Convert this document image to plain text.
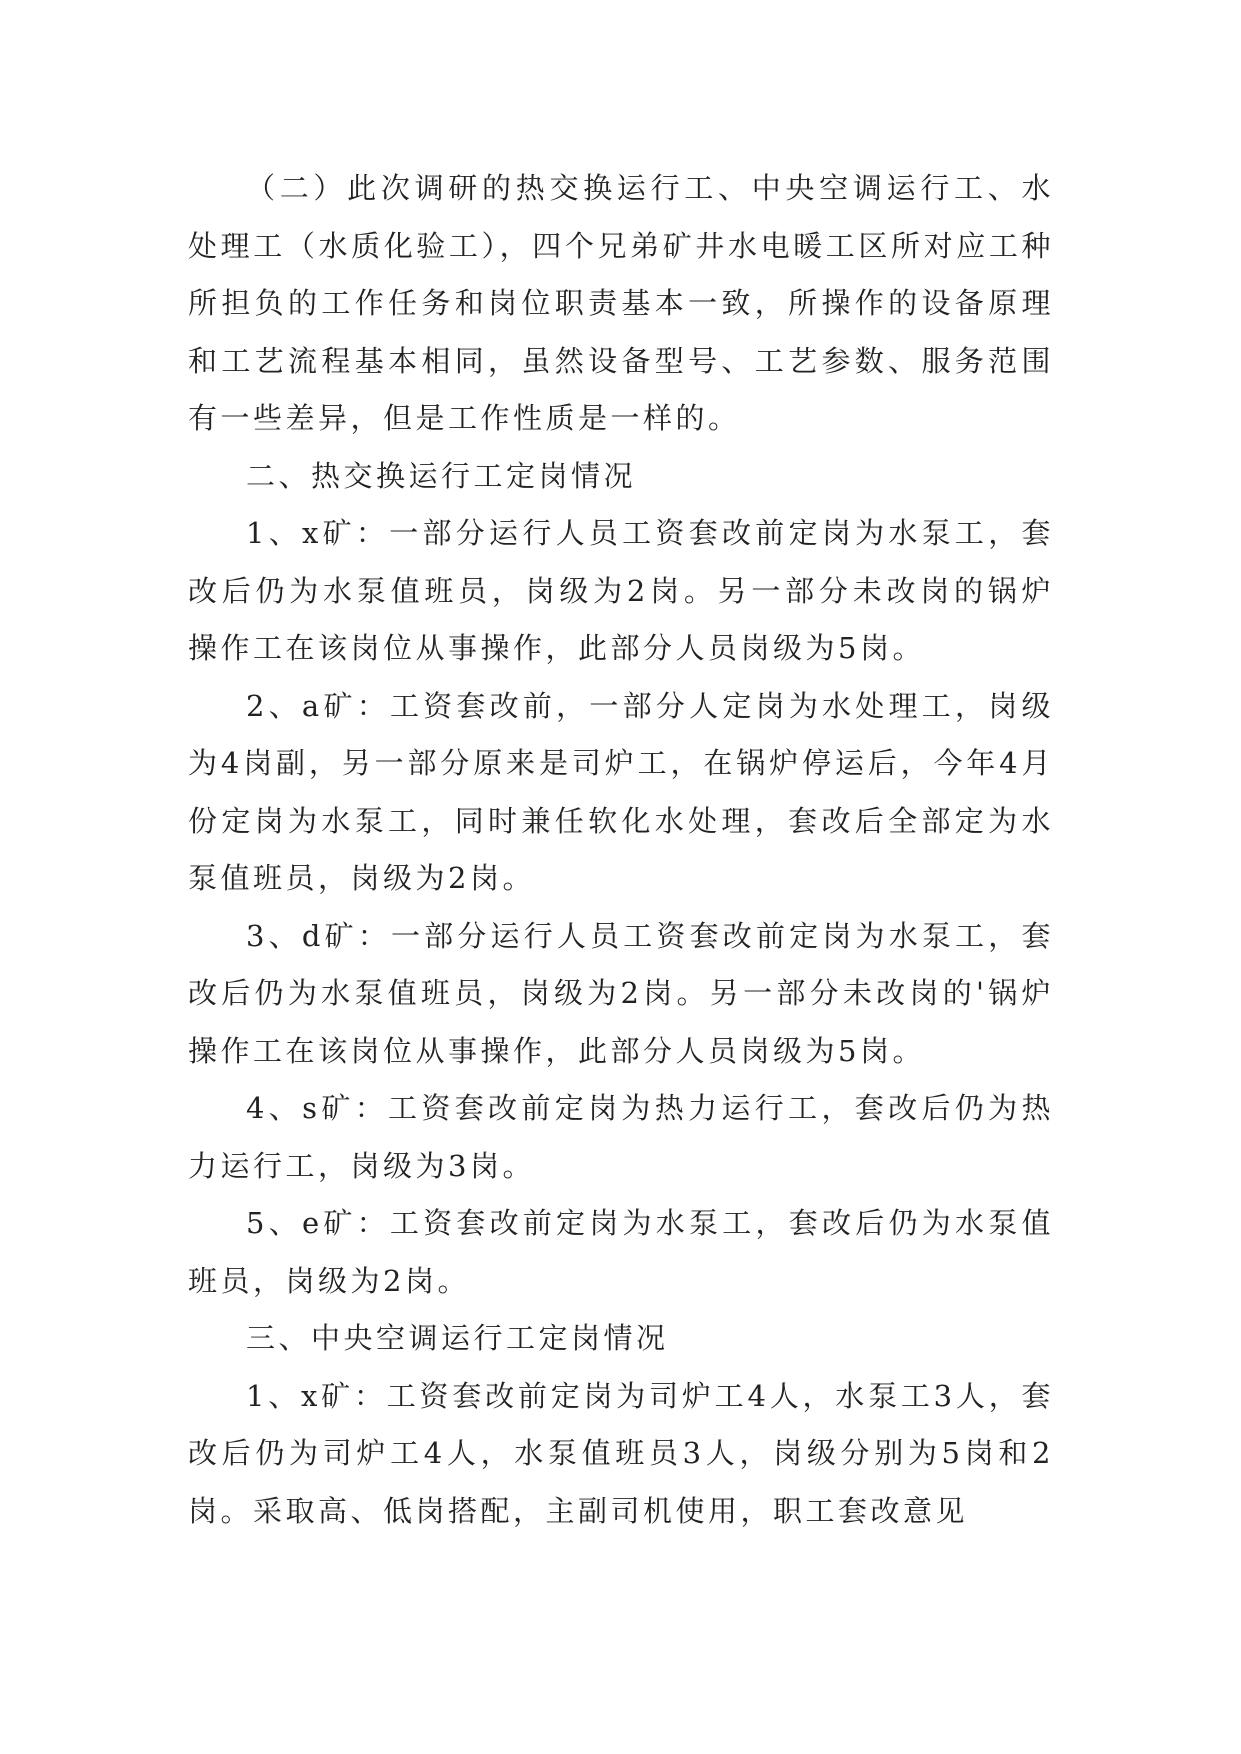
（二）此次调研的热交换运行工、中央空调运行工、水处理工（水质化验工），四个兄弟矿井水电暖工区所对应工种所担负的工作任务和岗位职责基本一致，所操作的设备原理和工艺流程基本相同，虽然设备型号、工艺参数、服务范围有一些差异，但是工作性质是一样的。

二、热交换运行工定岗情况

1、x矿：一部分运行人员工资套改前定岗为水泵工，套改后仍为水泵值班员，岗级为2岗。另一部分未改岗的锅炉操作工在该岗位从事操作，此部分人员岗级为5岗。

2、a矿：工资套改前，一部分人定岗为水处理工，岗级为4岗副，另一部分原来是司炉工，在锅炉停运后，今年4月份定岗为水泵工，同时兼任软化水处理，套改后全部定为水泵值班员，岗级为2岗。

3、d矿：一部分运行人员工资套改前定岗为水泵工，套改后仍为水泵值班员，岗级为2岗。另一部分未改岗的'锅炉操作工在该岗位从事操作，此部分人员岗级为5岗。

4、s矿：工资套改前定岗为热力运行工，套改后仍为热力运行工，岗级为3岗。

5、e矿：工资套改前定岗为水泵工，套改后仍为水泵值班员，岗级为2岗。

三、中央空调运行工定岗情况

1、x矿：工资套改前定岗为司炉工4人，水泵工3人，套改后仍为司炉工4人，水泵值班员3人，岗级分别为5岗和2岗。采取高、低岗搭配，主副司机使用，职工套改意见
